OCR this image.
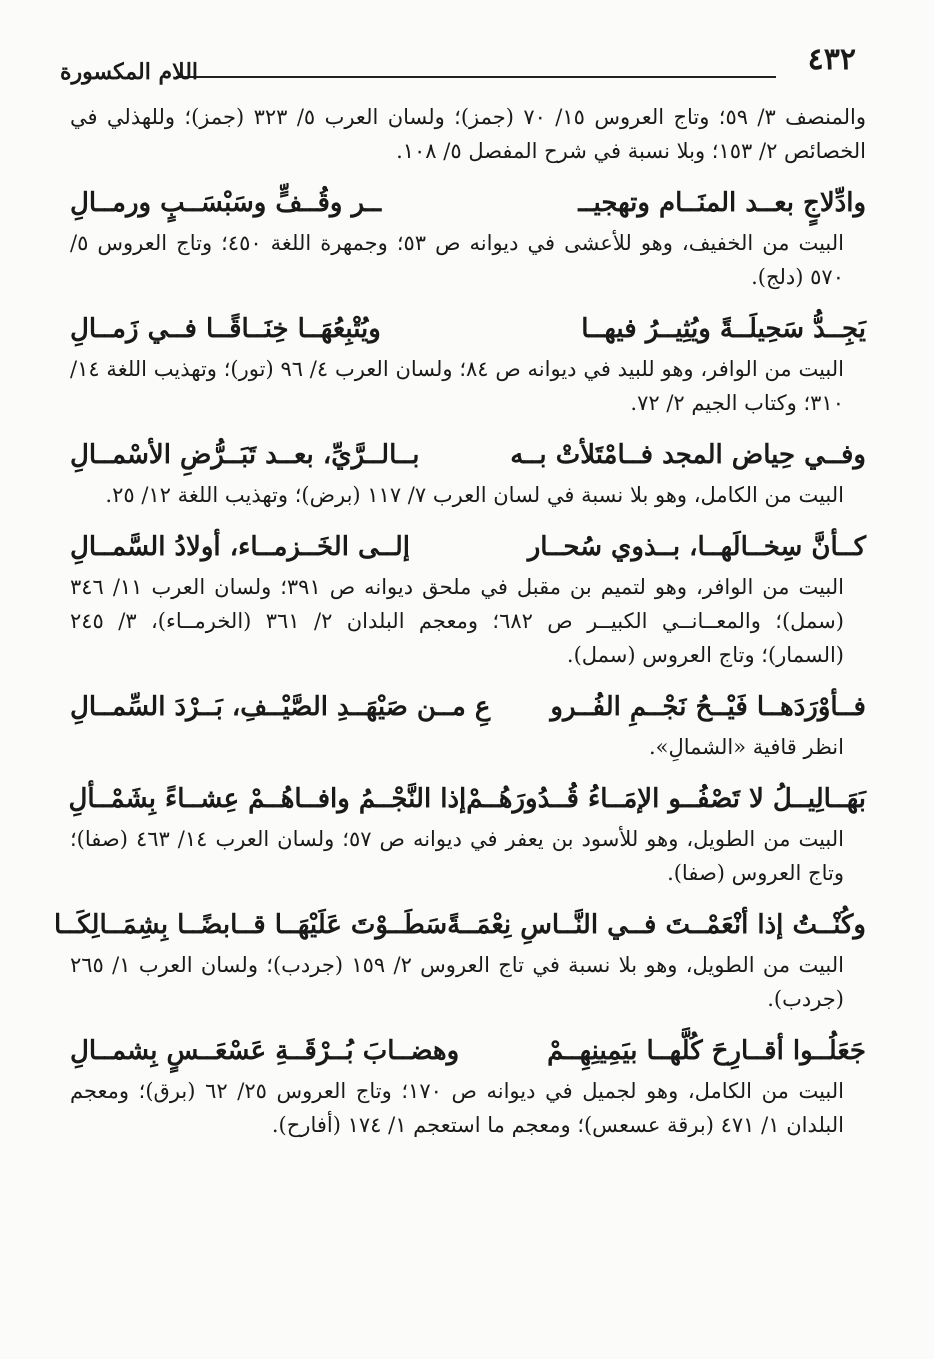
٤٣٢
اللام المكسورة

والمنصف ٣/ ٥٩؛ وتاج العروس ١٥/ ٧٠ (جمز)؛ ولسان العرب ٥/ ٣٢٣ (جمز)؛ وللهذلي في الخصائص ٢/ ١٥٣؛ وبلا نسبة في شرح المفصل ٥/ ١٠٨.

وادِّلاجٍ بعــد المنَــام وتهجيــ
ــر وقُــفٍّ وسَبْسَــبٍ ورمــالِ

البيت من الخفيف، وهو للأعشى في ديوانه ص ٥٣؛ وجمهرة اللغة ٤٥٠؛ وتاج العروس ٥/ ٥٧٠ (دلج).

يَجِــدُّ سَحِيلَــةً ويُثِيــرُ فيهــا
ويُتْبِعُهَــا خِنَــاقًــا فــي زَمــالِ

البيت من الوافر، وهو للبيد في ديوانه ص ٨٤؛ ولسان العرب ٤/ ٩٦ (تور)؛ وتهذيب اللغة ١٤/ ٣١٠؛ وكتاب الجيم ٢/ ٧٢.

وفــي حِياض المجد فــامْتَلأتْ بــه
بــالــرَّيِّ، بعــد تَبَــرُّضِ الأسْمــالِ

البيت من الكامل، وهو بلا نسبة في لسان العرب ٧/ ١١٧ (برض)؛ وتهذيب اللغة ١٢/ ٢٥.

كــأنَّ سِخــالَهــا، بــذوي سُحــار
إلــى الخَــزمــاء، أولادُ السَّمــالِ

البيت من الوافر، وهو لتميم بن مقبل في ملحق ديوانه ص ٣٩١؛ ولسان العرب ١١/ ٣٤٦ (سمل)؛ والمعــانــي الكبيــر ص ٦٨٢؛ ومعجم البلدان ٢/ ٣٦١ (الخرمــاء)، ٣/ ٢٤٥ (السمار)؛ وتاج العروس (سمل).

فــأوْرَدَهــا فَيْــحُ نَجْــمِ الفُــرو
عِ مــن صَيْهَــدِ الصَّيْــفِ، بَــرْدَ السِّمــالِ

انظر قافية «الشمالِ».

بَهَــالِيــلُ لا تَصْفُــو الإمَــاءُ قُــدُورَهُــمْ
إذا النَّجْــمُ وافــاهُــمْ عِشــاءً بِشَمْــألِ

البيت من الطويل، وهو للأسود بن يعفر في ديوانه ص ٥٧؛ ولسان العرب ١٤/ ٤٦٣ (صفا)؛ وتاج العروس (صفا).

وكُنْــتُ إذا أنْعَمْــتَ فــي النَّــاسِ نِعْمَــةً
سَطَــوْتَ عَلَيْهَــا قــابضًــا بِشِمَــالِكَــا

البيت من الطويل، وهو بلا نسبة في تاج العروس ٢/ ١٥٩ (جردب)؛ ولسان العرب ١/ ٢٦٥ (جردب).

جَعَلُــوا أقــارِحَ كُلَّهــا بيَمِينِهِــمْ
وهضــابَ بُــرْقَــةِ عَسْعَــسٍ بِشمــالِ

البيت من الكامل، وهو لجميل في ديوانه ص ١٧٠؛ وتاج العروس ٢٥/ ٦٢ (برق)؛ ومعجم البلدان ١/ ٤٧١ (برقة عسعس)؛ ومعجم ما استعجم ١/ ١٧٤ (أفارح).
